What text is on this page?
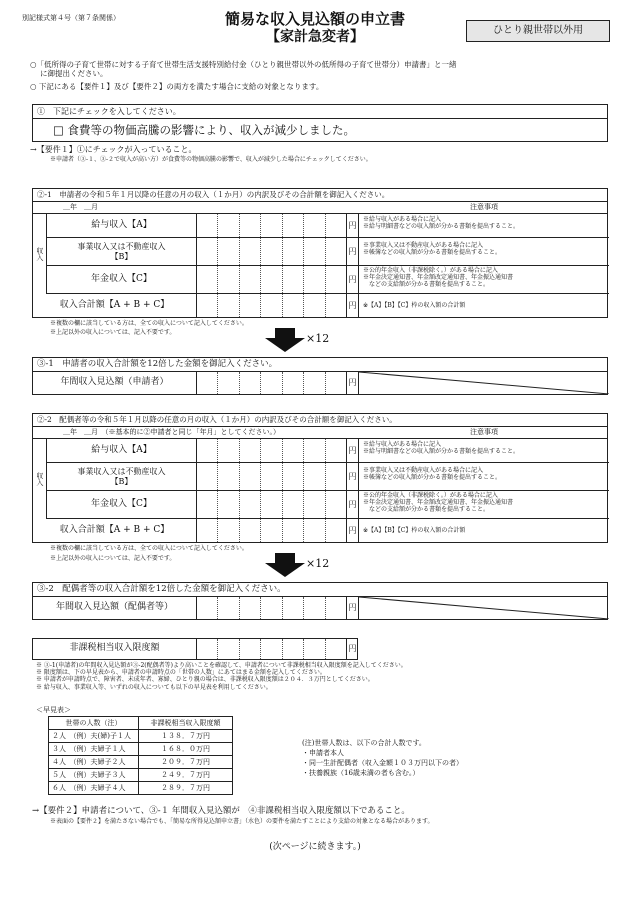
別記様式第４号（第７条関係）	簡易な収入見込額の申立書
【家計急変者】	ひとり親世帯以外用
○「低所得の子育て世帯に対する子育て世帯生活支援特別給付金（ひとり親世帯以外の低所得の子育て世帯分）申請書」と一緒
に御提出ください。
○ 下記にある【要件１】及び【要件２】の両方を満たす場合に支給の対象となります。
①　下記にチェックを入してください。
□ 食費等の物価高騰の影響により、収入が減少しました。
→【要件１】①にチェックが入っていること。
※申請者（③-１、③-２で収入が高い方）が食費等の物価高騰の影響で、収入が減少した場合にチェックしてください。
②-1　申請者の令和５年１月以降の任意の月の収入（１か月）の内訳及びその合計額を御記入ください。
＿年　＿月	注意事項
収入
給与収入【A】	円
※給与収入がある場合に記入
※給与明細書などの収入額が分かる書類を提出すること。
事業収入又は不動産収入
【B】
円
※事業収入又は不動産収入がある場合に記入
※帳簿などの収入額が分かる書類を提出すること。
年金収入【C】	円
※公的年金収入（非課税除く。）がある場合に記入
※年金決定通知書、年金額改定通知書、年金振込通知書
　などの支給額が分かる書類を提出すること。
収入合計額【A + B + C】	円	※【A】【B】【C】枠の収入額の合計額
※複数の欄に該当している方は、全ての収入について記入してください。
※上記以外の収入については、記入不要です。	×12
③-1　申請者の収入合計額を12倍した金額を御記入ください。
年間収入見込額（申請者）	円
②-2　配偶者等の令和５年１月以降の任意の月の収入（１か月）の内訳及びその合計額を御記入ください。
＿年　＿月　（※基本的に②申請者と同じ「年月」としてください。）	注意事項
収入
給与収入【A】	円
※給与収入がある場合に記入
※給与明細書などの収入額が分かる書類を提出すること。
事業収入又は不動産収入
【B】
円
※事業収入又は不動産収入がある場合に記入
※帳簿などの収入額が分かる書類を提出すること。
年金収入【C】	円
※公的年金収入（非課税除く。）がある場合に記入
※年金決定通知書、年金額改定通知書、年金振込通知書
　などの支給額が分かる書類を提出すること。
収入合計額【A + B + C】	円	※【A】【B】【C】枠の収入額の合計額
※複数の欄に該当している方は、全ての収入について記入してください。
※上記以外の収入については、記入不要です。	×12
③-2　配偶者等の収入合計額を12倍した金額を御記入ください。
年間収入見込額（配偶者等）	円
非課税相当収入限度額	円
※ ③-1(申請者)の年間収入見込額が③-2(配偶者等)より高いことを確認して、申請者について非課税相当収入限度額を記入してください。
※ 限度額は、下の早見表から、申請者の申請時点の「世帯の人数」にあてはまる金額を記入してください。
※ 申請者が申請時点で、障害者、未成年者、寡婦、ひとり親の場合は、非課税収入限度額は２０４．３万円としてください。
※ 給与収入、事業収入等、いずれの収入についても以下の早見表を利用してください。
＜早見表＞
世帯の人数（注）	非課税相当収入限度額
２人　（例）夫(婦)子１人	１３８．７万円
３人　（例）夫婦子１人	１６８．０万円
４人　（例）夫婦子２人	２０９．７万円
５人　（例）夫婦子３人	２４９．７万円
６人　（例）夫婦子４人	２８９．７万円
(注)世帯人数は、以下の合計人数です。
・申請者本人
・同一生計配偶者（収入金額１０３万円以下の者）
・扶養親族（16歳未満の者も含む。）
→【要件２】申請者について、③-１ 年間収入見込額が　④非課税相当収入限度額以下であること。
※表面の【要件２】を満たさない場合でも、「簡易な所得見込額申立書」（水色）の要件を満たすことにより支給の対象となる場合があります。
(次ページに続きます。)
